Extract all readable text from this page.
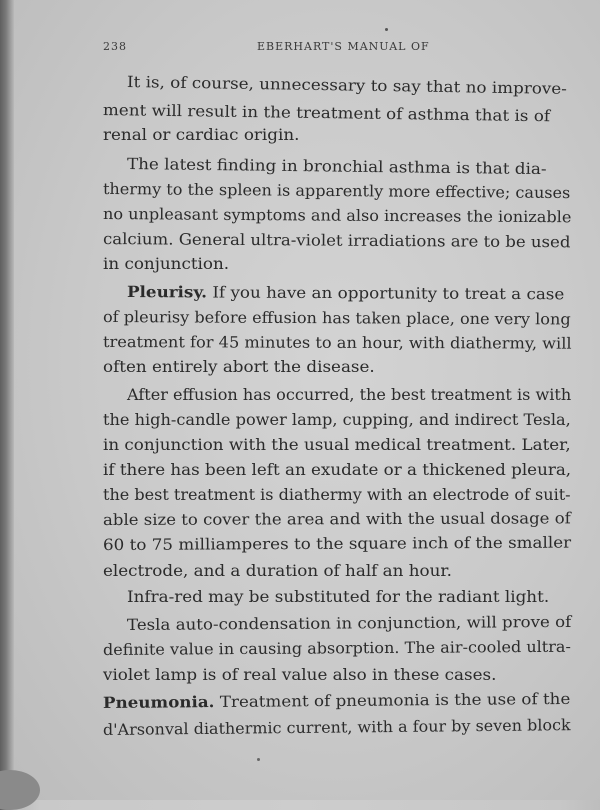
238	EBERHART'S MANUAL OF
It is, of course, unnecessary to say that no improve-
ment will result in the treatment of asthma that is of
renal or cardiac origin.
The latest finding in bronchial asthma is that dia-
thermy to the spleen is apparently more effective; causes
no unpleasant symptoms and also increases the ionizable
calcium. General ultra-violet irradiations are to be used
in conjunction.
Pleurisy. If you have an opportunity to treat a case
of pleurisy before effusion has taken place, one very long
treatment for 45 minutes to an hour, with diathermy, will
often entirely abort the disease.
After effusion has occurred, the best treatment is with
the high-candle power lamp, cupping, and indirect Tesla,
in conjunction with the usual medical treatment. Later,
if there has been left an exudate or a thickened pleura,
the best treatment is diathermy with an electrode of suit-
able size to cover the area and with the usual dosage of
60 to 75 milliamperes to the square inch of the smaller
electrode, and a duration of half an hour.
Infra-red may be substituted for the radiant light.
Tesla auto-condensation in conjunction, will prove of
definite value in causing absorption. The air-cooled ultra-
violet lamp is of real value also in these cases.
Pneumonia. Treatment of pneumonia is the use of the
d'Arsonval diathermic current, with a four by seven block
